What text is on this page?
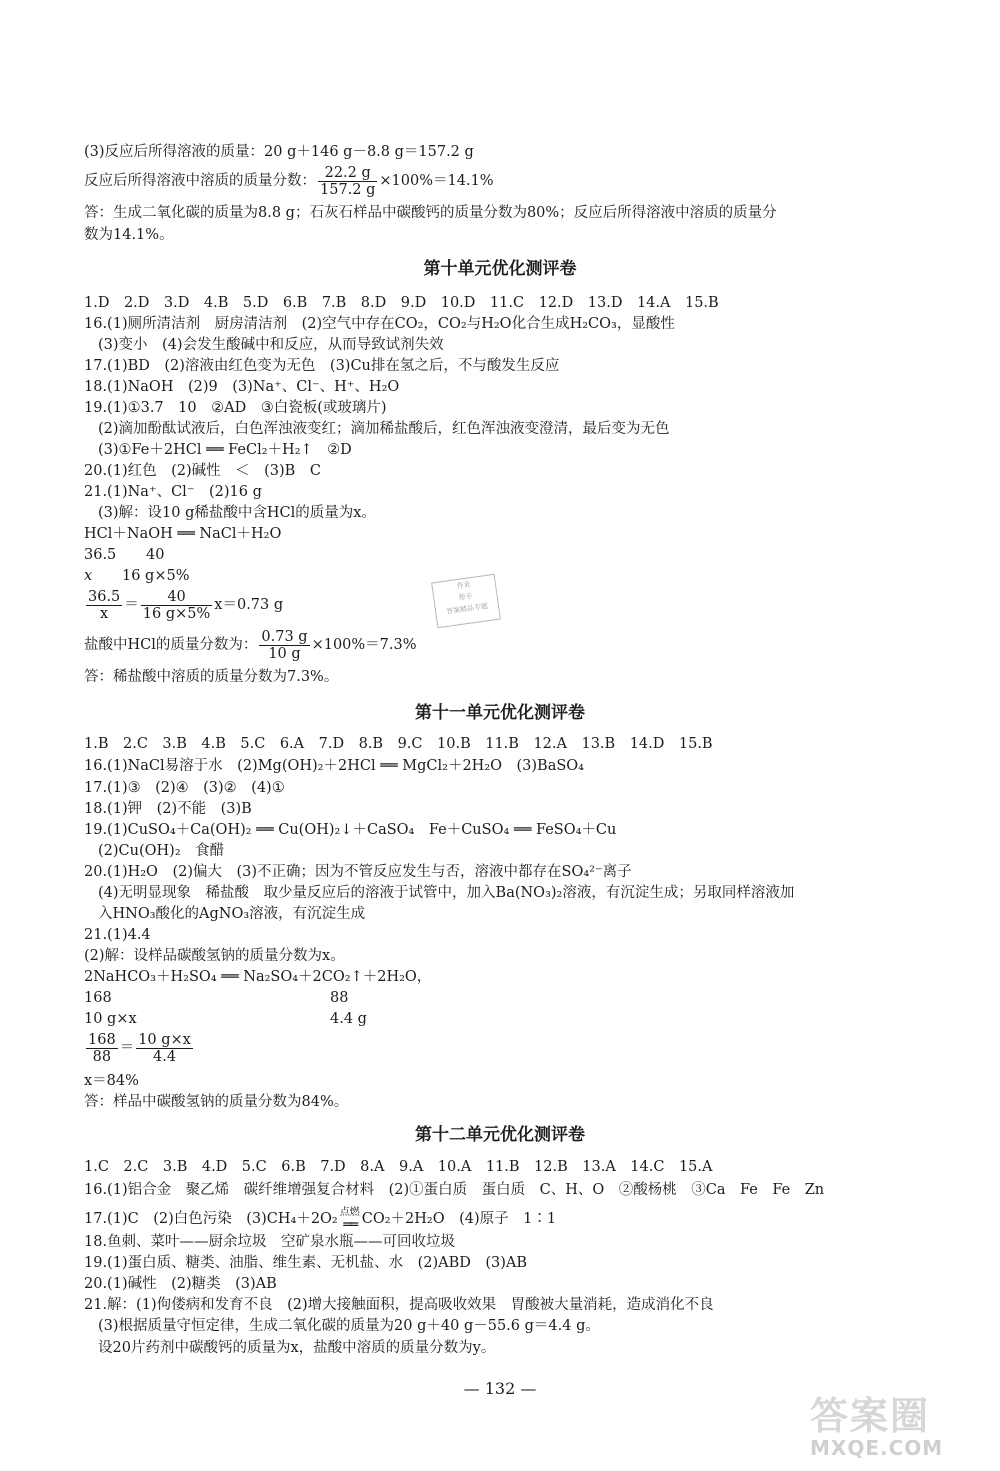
(3)反应后所得溶液的质量：20 g＋146 g－8.8 g＝157.2 g
反应后所得溶液中溶质的质量分数： $\frac{22.2 g}{157.2 g} \times 100\%=14.1\%$
答：生成二氧化碳的质量为8.8 g；石灰石样品中碳酸钙的质量分数为80%；反应后所得溶液中溶质的质量分
数为14.1%。
第十单元优化测评卷
1.D　2.D　3.D　4.B　5.D　6.B　7.B　8.D　9.D　10.D　11.C　12.D　13.D　14.A　15.B
16.(1)厕所清洁剂　厨房清洁剂　(2)空气中存在CO₂，CO₂与H₂O化合生成H₂CO₃，显酸性
(3)变小　(4)会发生酸碱中和反应，从而导致试剂失效
17.(1)BD　(2)溶液由红色变为无色　(3)Cu排在氢之后，不与酸发生反应
18.(1)NaOH　(2)9　(3)Na⁺、Cl⁻、H⁺、H₂O
19.(1)①3.7　10　②AD　③白瓷板(或玻璃片)
(2)滴加酚酞试液后，白色浑浊液变红；滴加稀盐酸后，红色浑浊液变澄清，最后变为无色
(3)①Fe＋2HCl ══ FeCl₂＋H₂↑　②D
20.(1)红色　(2)碱性　＜　(3)B　C
21.(1)Na⁺、Cl⁻　(2)16 g
(3)解：设10 g稀盐酸中含HCl的质量为x。
HCl＋NaOH ══ NaCl＋H₂O
36.5 40
x 16 g×5%
$\frac{36.5}{x} = \frac{40}{16 g\times 5\%} x=0.73$ g
作业
帮手
答案精品专题
盐酸中HCl的质量分数为： $\frac{0.73 g}{10 g} \times 100\%=7.3\%$
答：稀盐酸中溶质的质量分数为7.3%。
第十一单元优化测评卷
1.B　2.C　3.B　4.B　5.C　6.A　7.D　8.B　9.C　10.B　11.B　12.A　13.B　14.D　15.B
16.(1)NaCl易溶于水　(2)Mg(OH)₂＋2HCl ══ MgCl₂＋2H₂O　(3)BaSO₄
17.(1)③　(2)④　(3)②　(4)①
18.(1)钾　(2)不能　(3)B
19.(1)CuSO₄＋Ca(OH)₂ ══ Cu(OH)₂↓＋CaSO₄　Fe＋CuSO₄ ══ FeSO₄＋Cu
(2)Cu(OH)₂　食醋
20.(1)H₂O　(2)偏大　(3)不正确；因为不管反应发生与否，溶液中都存在SO₄²⁻离子
(4)无明显现象　稀盐酸　取少量反应后的溶液于试管中，加入Ba(NO₃)₂溶液，有沉淀生成；另取同样溶液加
入HNO₃酸化的AgNO₃溶液，有沉淀生成
21.(1)4.4
(2)解：设样品碳酸氢钠的质量分数为x。
2NaHCO₃＋H₂SO₄ ══ Na₂SO₄＋2CO₂↑＋2H₂O，
168	88
10 g×x	4.4 g
$\frac{168}{88} = \frac{10 g\times x}{4.4}$
x＝84%
答：样品中碳酸氢钠的质量分数为84%。
第十二单元优化测评卷
1.C　2.C　3.B　4.D　5.C　6.B　7.D　8.A　9.A　10.A　11.B　12.B　13.A　14.C　15.A
16.(1)铝合金　聚乙烯　碳纤维增强复合材料　(2)①蛋白质　蛋白质　C、H、O　②酸杨桃　③Ca　Fe　Fe　Zn
17.(1)C　(2)白色污染　(3)CH₄＋2O₂ 点燃
══ CO₂＋2H₂O　(4)原子　1∶1
18.鱼刺、菜叶——厨余垃圾　空矿泉水瓶——可回收垃圾
19.(1)蛋白质、糖类、油脂、维生素、无机盐、水　(2)ABD　(3)AB
20.(1)碱性　(2)糖类　(3)AB
21.解：(1)佝偻病和发育不良　(2)增大接触面积，提高吸收效果　胃酸被大量消耗，造成消化不良
(3)根据质量守恒定律，生成二氧化碳的质量为20 g＋40 g－55.6 g＝4.4 g。
设20片药剂中碳酸钙的质量为x，盐酸中溶质的质量分数为y。
— 132 —
答案圈
MXQE.COM
